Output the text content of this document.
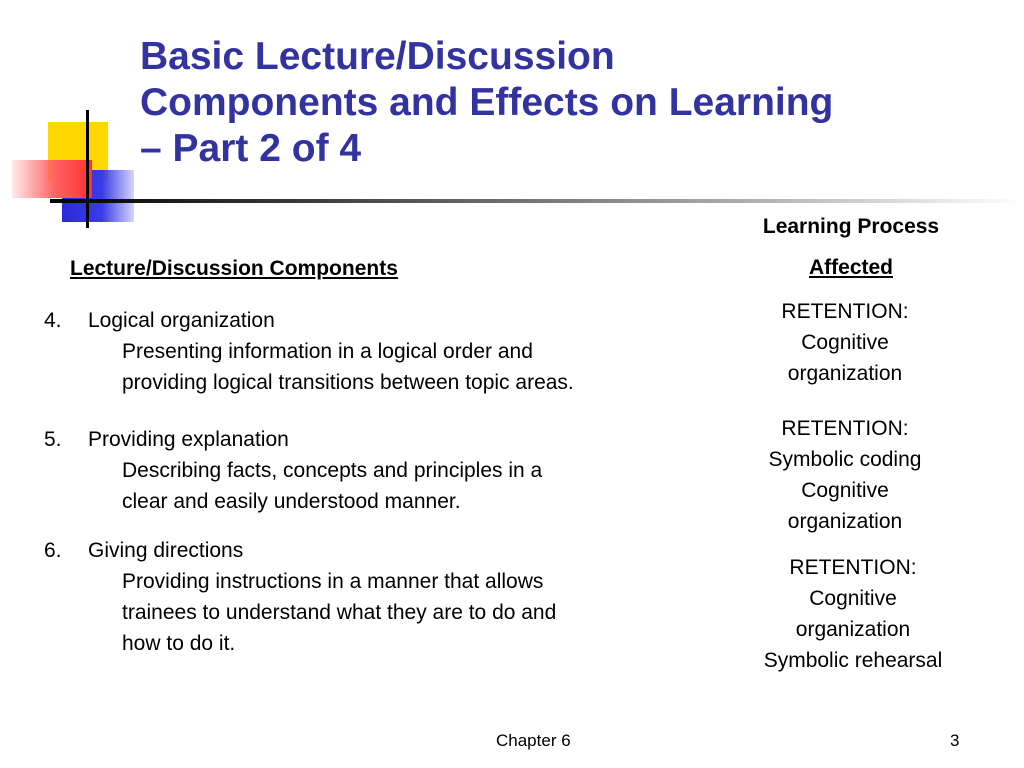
Basic Lecture/Discussion
Components and Effects on Learning
– Part 2 of 4
Lecture/Discussion Components
Learning Process
Affected
4. Logical organization
Presenting information in a logical order and
providing logical transitions between topic areas.
RETENTION:
Cognitive
organization
5. Providing explanation
Describing facts, concepts and principles in a
clear and easily understood manner.
RETENTION:
Symbolic coding
Cognitive
organization
6. Giving directions
Providing instructions in a manner that allows
trainees to understand what they are to do and
how to do it.
RETENTION:
Cognitive
organization
Symbolic rehearsal
Chapter 6	3
